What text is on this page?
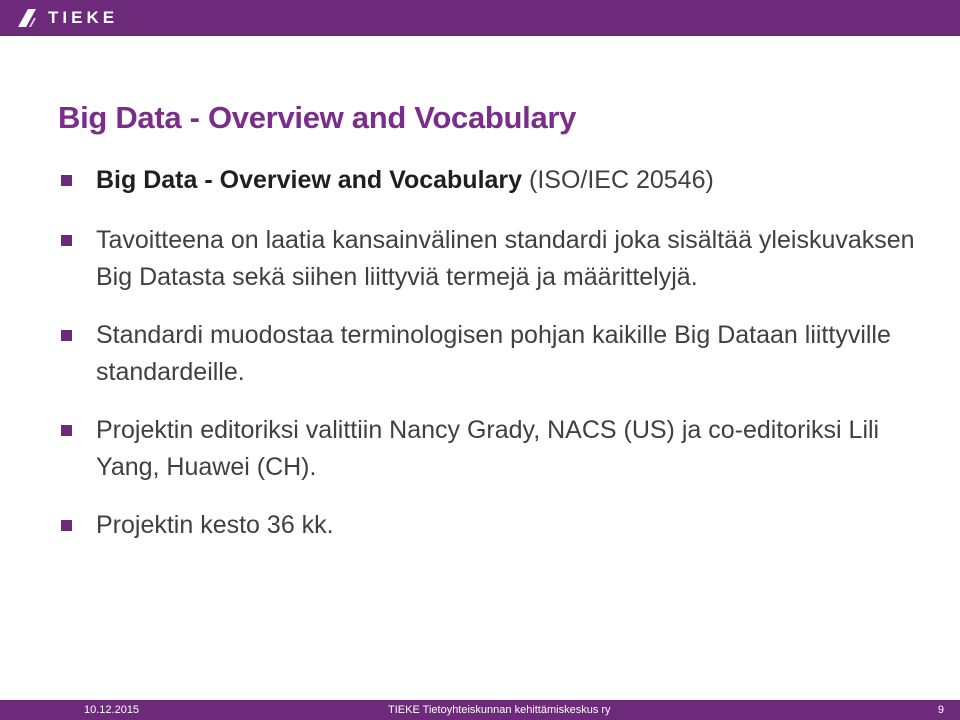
TIEKE
Big Data - Overview and Vocabulary
Big Data - Overview and Vocabulary (ISO/IEC 20546)
Tavoitteena on laatia kansainvälinen standardi joka sisältää yleiskuvaksen Big Datasta sekä siihen liittyviä termejä ja määrittelyjä.
Standardi muodostaa terminologisen pohjan kaikille Big Dataan liittyville standardeille.
Projektin editoriksi valittiin Nancy Grady, NACS (US) ja co-editoriksi Lili Yang, Huawei (CH).
Projektin kesto 36 kk.
10.12.2015	TIEKE Tietoyhteiskunnan kehittämiskeskus ry	9
